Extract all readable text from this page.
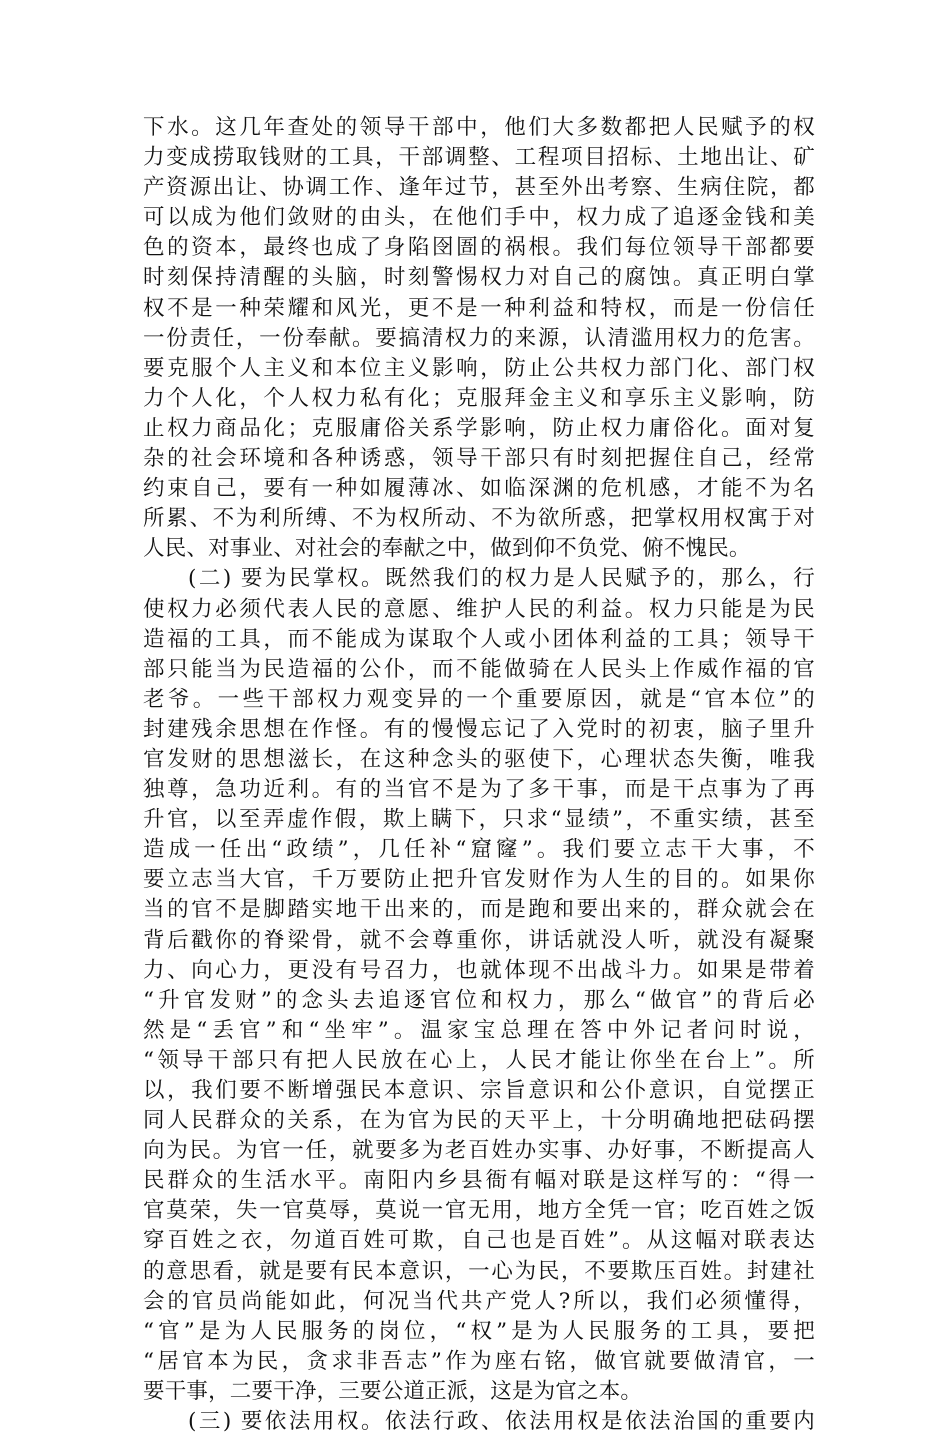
下水。这几年查处的领导干部中，他们大多数都把人民赋予的权
力变成捞取钱财的工具，干部调整、工程项目招标、土地出让、矿
产资源出让、协调工作、逢年过节，甚至外出考察、生病住院，都
可以成为他们敛财的由头，在他们手中，权力成了追逐金钱和美
色的资本，最终也成了身陷囹圄的祸根。我们每位领导干部都要
时刻保持清醒的头脑，时刻警惕权力对自己的腐蚀。真正明白掌
权不是一种荣耀和风光，更不是一种利益和特权，而是一份信任
一份责任，一份奉献。要搞清权力的来源，认清滥用权力的危害。
要克服个人主义和本位主义影响，防止公共权力部门化、部门权
力个人化，个人权力私有化；克服拜金主义和享乐主义影响，防
止权力商品化；克服庸俗关系学影响，防止权力庸俗化。面对复
杂的社会环境和各种诱惑，领导干部只有时刻把握住自己，经常
约束自己，要有一种如履薄冰、如临深渊的危机感，才能不为名
所累、不为利所缚、不为权所动、不为欲所惑，把掌权用权寓于对
人民、对事业、对社会的奉献之中，做到仰不负党、俯不愧民。
(二) 要为民掌权。既然我们的权力是人民赋予的，那么，行
使权力必须代表人民的意愿、维护人民的利益。权力只能是为民
造福的工具，而不能成为谋取个人或小团体利益的工具；领导干
部只能当为民造福的公仆，而不能做骑在人民头上作威作福的官
老爷。一些干部权力观变异的一个重要原因，就是“官本位”的
封建残余思想在作怪。有的慢慢忘记了入党时的初衷，脑子里升
官发财的思想滋长，在这种念头的驱使下，心理状态失衡，唯我
独尊，急功近利。有的当官不是为了多干事，而是干点事为了再
升官，以至弄虚作假，欺上瞒下，只求“显绩”，不重实绩，甚至
造成一任出“政绩”，几任补“窟窿”。我们要立志干大事，不
要立志当大官，千万要防止把升官发财作为人生的目的。如果你
当的官不是脚踏实地干出来的，而是跑和要出来的，群众就会在
背后戳你的脊梁骨，就不会尊重你，讲话就没人听，就没有凝聚
力、向心力，更没有号召力，也就体现不出战斗力。如果是带着
“升官发财”的念头去追逐官位和权力，那么“做官”的背后必
然是“丢官”和“坐牢”。温家宝总理在答中外记者问时说，
“领导干部只有把人民放在心上，人民才能让你坐在台上”。所
以，我们要不断增强民本意识、宗旨意识和公仆意识，自觉摆正
同人民群众的关系，在为官为民的天平上，十分明确地把砝码摆
向为民。为官一任，就要多为老百姓办实事、办好事，不断提高人
民群众的生活水平。南阳内乡县衙有幅对联是这样写的：“得一
官莫荣，失一官莫辱，莫说一官无用，地方全凭一官；吃百姓之饭
穿百姓之衣，勿道百姓可欺，自己也是百姓”。从这幅对联表达
的意思看，就是要有民本意识，一心为民，不要欺压百姓。封建社
会的官员尚能如此，何况当代共产党人?所以，我们必须懂得，
“官”是为人民服务的岗位，“权”是为人民服务的工具，要把
“居官本为民，贪求非吾志”作为座右铭，做官就要做清官，一
要干事，二要干净，三要公道正派，这是为官之本。
(三) 要依法用权。依法行政、依法用权是依法治国的重要内
